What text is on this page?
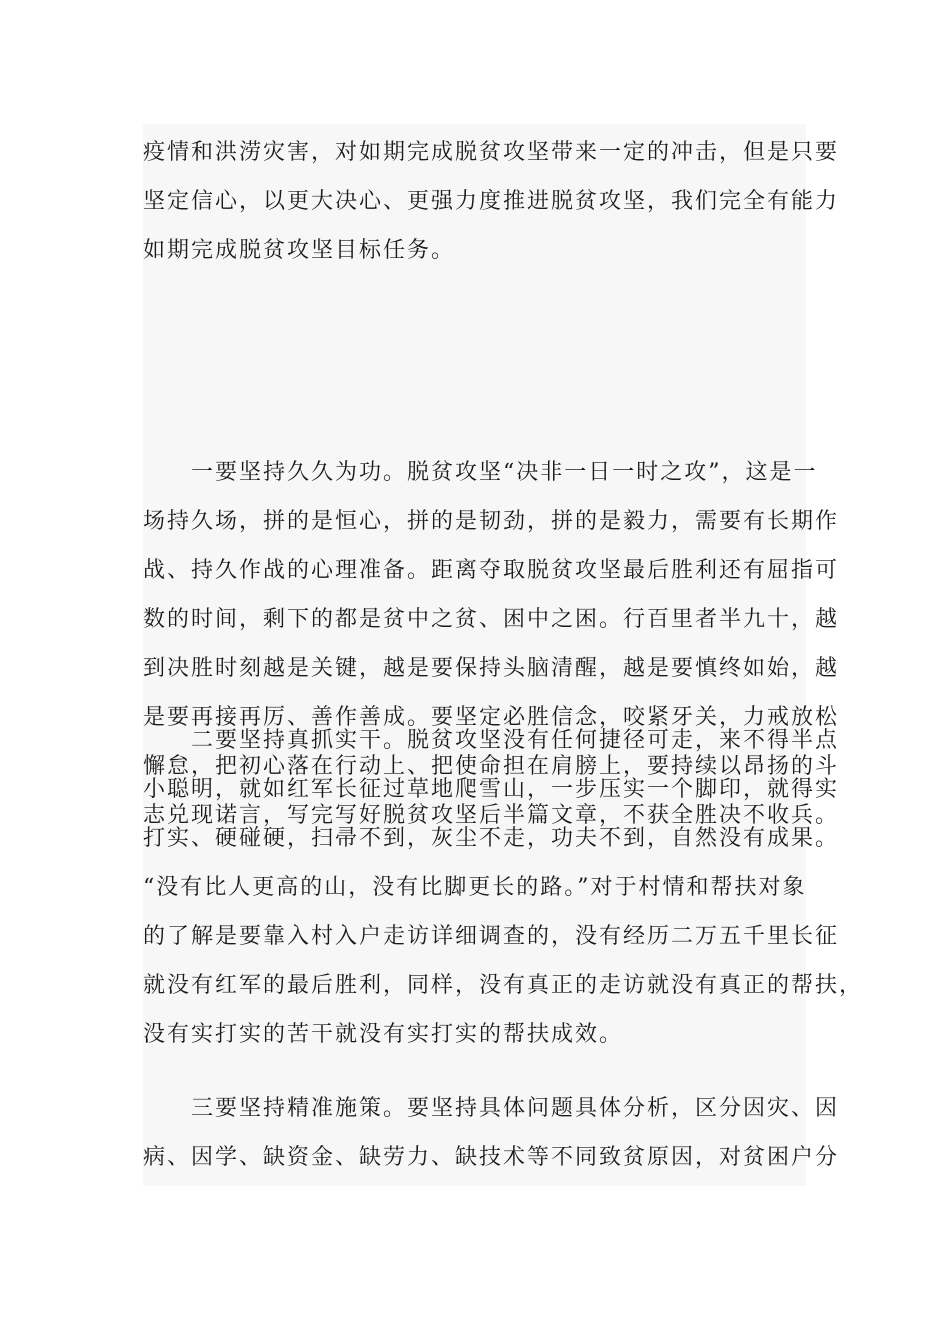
疫情和洪涝灾害，对如期完成脱贫攻坚带来一定的冲击，但是只要
坚定信心，以更大决心、更强力度推进脱贫攻坚，我们完全有能力
如期完成脱贫攻坚目标任务。
一要坚持久久为功。脱贫攻坚“决非一日一时之攻”，这是一
场持久场，拼的是恒心，拼的是韧劲，拼的是毅力，需要有长期作
战、持久作战的心理准备。距离夺取脱贫攻坚最后胜利还有屈指可
数的时间，剩下的都是贫中之贫、困中之困。行百里者半九十，越
到决胜时刻越是关键，越是要保持头脑清醒，越是要慎终如始，越
是要再接再厉、善作善成。要坚定必胜信念，咬紧牙关，力戒放松
懈怠，把初心落在行动上、把使命担在肩膀上，要持续以昂扬的斗
志兑现诺言，写完写好脱贫攻坚后半篇文章，不获全胜决不收兵。
二要坚持真抓实干。脱贫攻坚没有任何捷径可走，来不得半点
小聪明，就如红军长征过草地爬雪山，一步压实一个脚印，就得实
打实、硬碰硬，扫帚不到，灰尘不走，功夫不到，自然没有成果。
“没有比人更高的山，没有比脚更长的路。”对于村情和帮扶对象
的了解是要靠入村入户走访详细调查的，没有经历二万五千里长征
就没有红军的最后胜利，同样，没有真正的走访就没有真正的帮扶，
没有实打实的苦干就没有实打实的帮扶成效。
三要坚持精准施策。要坚持具体问题具体分析，区分因灾、因
病、因学、缺资金、缺劳力、缺技术等不同致贫原因，对贫困户分
